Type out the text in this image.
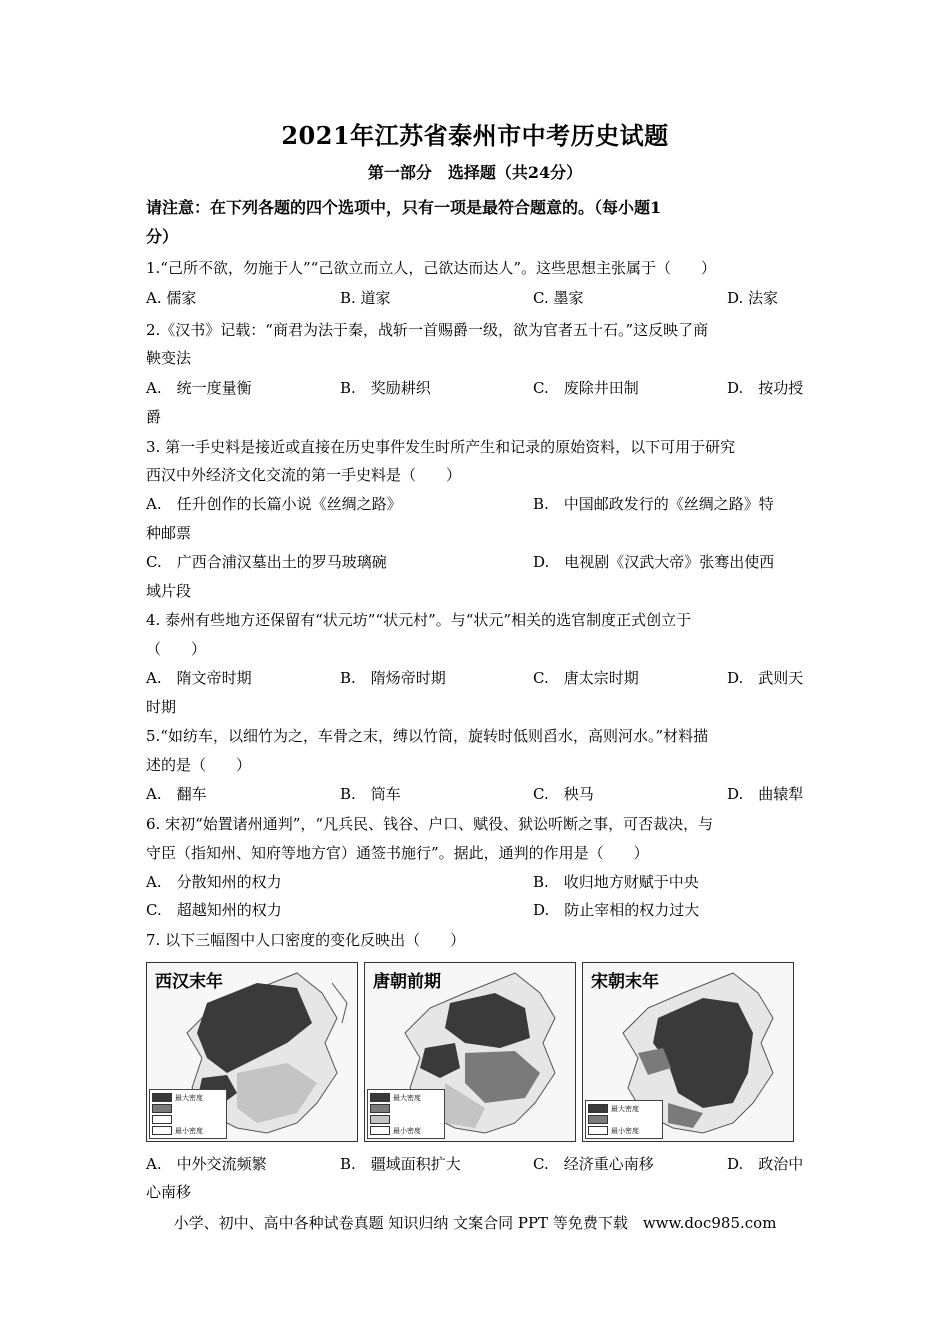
2021年江苏省泰州市中考历史试题
第一部分　选择题（共24分）
请注意：在下列各题的四个选项中，只有一项是最符合题意的。（每小题1
分）
1.“己所不欲，勿施于人”“己欲立而立人，己欲达而达人”。这些思想主张属于（　　）
A. 儒家	B. 道家	C. 墨家	D. 法家
2.《汉书》记载：“商君为法于秦，战斩一首赐爵一级，欲为官者五十石。”这反映了商
鞅变法
A.　统一度量衡	B.　奖励耕织	C.　废除井田制	D.　按功授
爵
3. 第一手史料是接近或直接在历史事件发生时所产生和记录的原始资料，以下可用于研究
西汉中外经济文化交流的第一手史料是（　　）
A.　任升创作的长篇小说《丝绸之路》	B.　中国邮政发行的《丝绸之路》特
种邮票
C.　广西合浦汉墓出土的罗马玻璃碗	D.　电视剧《汉武大帝》张骞出使西
域片段
4. 泰州有些地方还保留有“状元坊”“状元村”。与“状元”相关的选官制度正式创立于
（　　）
A.　隋文帝时期	B.　隋炀帝时期	C.　唐太宗时期	D.　武则天
时期
5.“如纺车，以细竹为之，车骨之末，缚以竹筒，旋转时低则舀水，高则河水。”材料描
述的是（　　）
A.　翻车	B.　筒车	C.　秧马	D.　曲辕犁
6. 宋初“始置诸州通判”，“凡兵民、钱谷、户口、赋役、狱讼听断之事，可否裁决，与
守臣（指知州、知府等地方官）通签书施行”。据此，通判的作用是（　　）
A.　分散知州的权力	B.　收归地方财赋于中央
C.　超越知州的权力	D.　防止宰相的权力过大
7. 以下三幅图中人口密度的变化反映出（　　）
西汉末年
最大密度
最小密度
唐朝前期
最大密度
最小密度
宋朝末年
最大密度
最小密度
A.　中外交流频繁	B.　疆域面积扩大	C.　经济重心南移	D.　政治中
心南移
小学、初中、高中各种试卷真题 知识归纳 文案合同 PPT 等免费下载　www.doc985.com
